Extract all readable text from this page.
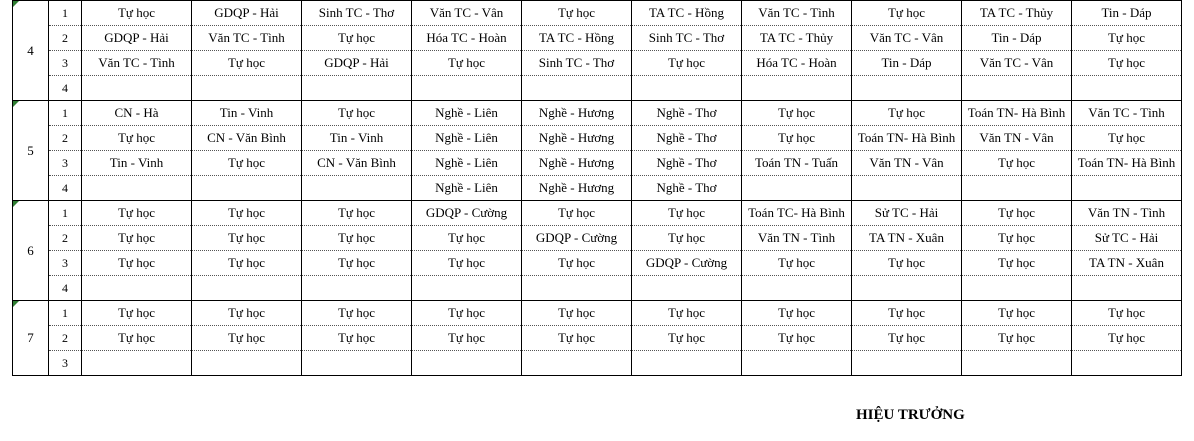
4	1	Tự học	GDQP - Hải	Sinh TC - Thơ	Văn TC - Vân	Tự học	TA TC - Hồng	Văn TC - Tình	Tự học	TA TC - Thủy	Tin - Dáp
	2	GDQP - Hải	Văn TC - Tình	Tự học	Hóa TC - Hoàn	TA TC - Hồng	Sinh TC - Thơ	TA TC - Thủy	Văn TC - Vân	Tin - Dáp	Tự học
	3	Văn TC - Tình	Tự học	GDQP - Hải	Tự học	Sinh TC - Thơ	Tự học	Hóa TC - Hoàn	Tin - Dáp	Văn TC - Vân	Tự học
	4										

5	1	CN - Hà	Tin - Vinh	Tự học	Nghề - Liên	Nghề - Hương	Nghề - Thơ	Tự học	Tự học	Toán TN- Hà Bình	Văn TC - Tình
	2	Tự học	CN - Văn Bình	Tin - Vinh	Nghề - Liên	Nghề - Hương	Nghề - Thơ	Tự học	Toán TN- Hà Bình	Văn TN - Vân	Tự học
	3	Tin - Vinh	Tự học	CN - Văn Bình	Nghề - Liên	Nghề - Hương	Nghề - Thơ	Toán TN - Tuấn	Văn TN - Vân	Tự học	Toán TN- Hà Bình
	4				Nghề - Liên	Nghề - Hương	Nghề - Thơ				

6	1	Tự học	Tự học	Tự học	GDQP - Cường	Tự học	Tự học	Toán TC- Hà Bình	Sử TC - Hải	Tự học	Văn TN - Tình
	2	Tự học	Tự học	Tự học	Tự học	GDQP - Cường	Tự học	Văn TN - Tình	TA TN - Xuân	Tự học	Sử TC - Hải
	3	Tự học	Tự học	Tự học	Tự học	Tự học	GDQP - Cường	Tự học	Tự học	Tự học	TA TN - Xuân
	4										

7	1	Tự học	Tự học	Tự học	Tự học	Tự học	Tự học	Tự học	Tự học	Tự học	Tự học
	2	Tự học	Tự học	Tự học	Tự học	Tự học	Tự học	Tự học	Tự học	Tự học	Tự học
	3										
HIỆU TRƯỞNG
